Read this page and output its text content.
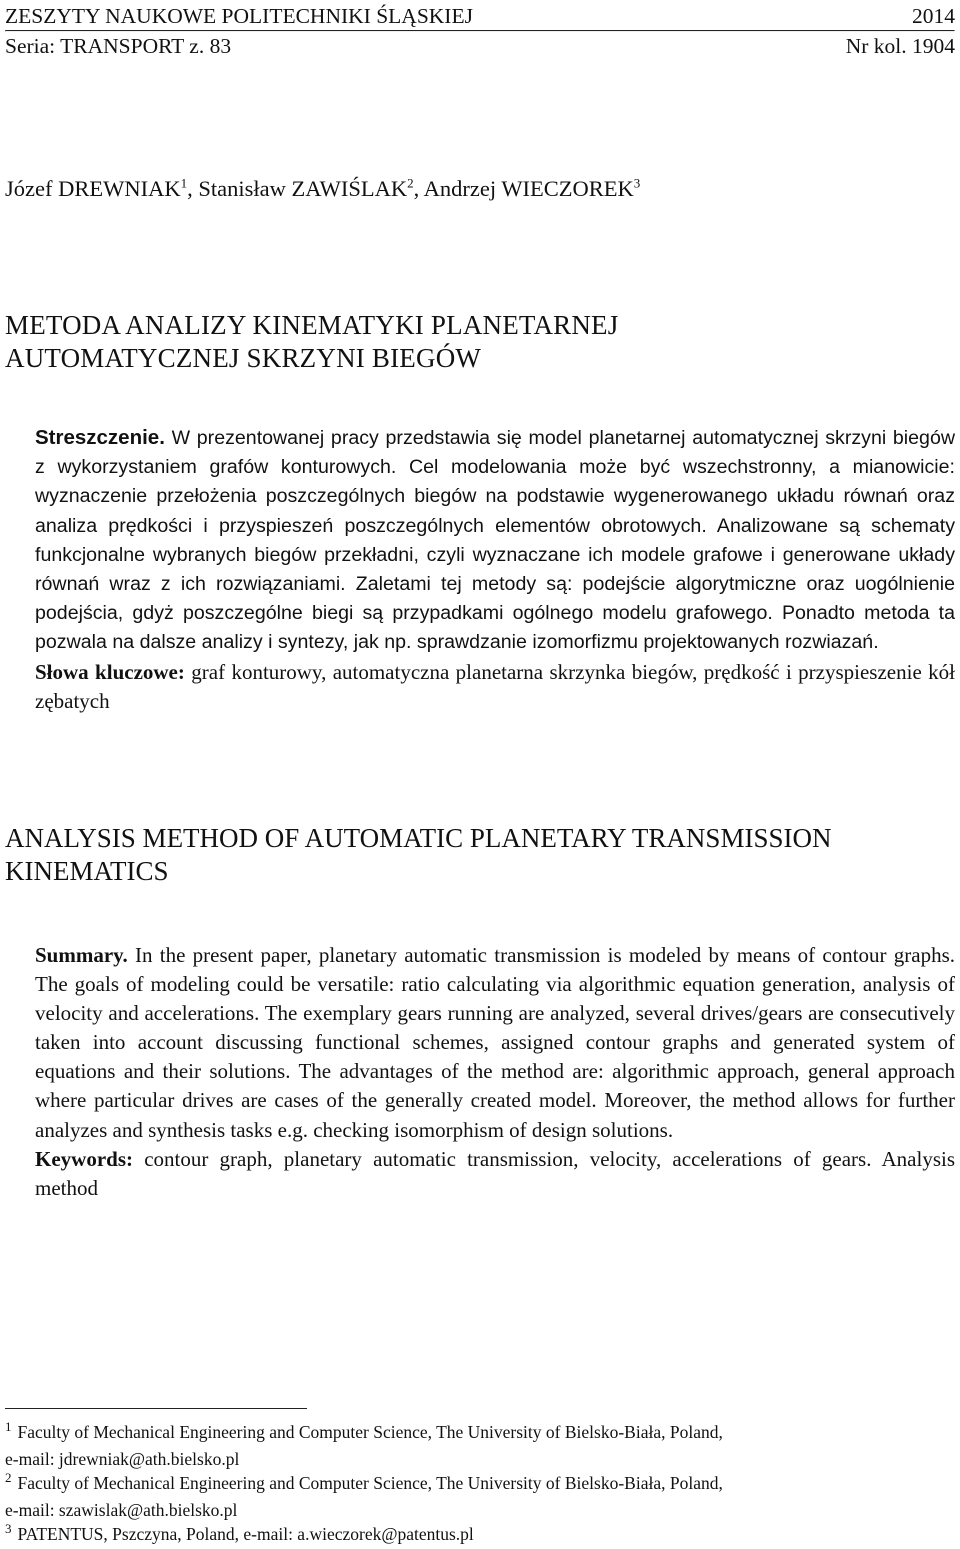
ZESZYTY NAUKOWE POLITECHNIKI ŚLĄSKIEJ	2014
Seria: TRANSPORT z. 83	Nr kol. 1904
Józef DREWNIAK$^1$, Stanisław ZAWIŚLAK$^2$, Andrzej WIECZOREK$^3$
METODA ANALIZY KINEMATYKI PLANETARNEJ
AUTOMATYCZNEJ SKRZYNI BIEGÓW
Streszczenie. W prezentowanej pracy przedstawia się model planetarnej automatycznej skrzyni biegów z wykorzystaniem grafów konturowych. Cel modelowania może być wszechstronny, a mianowicie: wyznaczenie przełożenia poszczególnych biegów na podstawie wygenerowanego układu równań oraz analiza prędkości i przyspieszeń poszczególnych elementów obrotowych. Analizowane są schematy funkcjonalne wybranych biegów przekładni, czyli wyznaczane ich modele grafowe i generowane układy równań wraz z ich rozwiązaniami. Zaletami tej metody są: podejście algorytmiczne oraz uogólnienie podejścia, gdyż poszczególne biegi są przypadkami ogólnego modelu grafowego. Ponadto metoda ta pozwala na dalsze analizy i syntezy, jak np. sprawdzanie izomorfizmu projektowanych rozwiazań.
Słowa kluczowe: graf konturowy, automatyczna planetarna skrzynka biegów, prędkość i przyspieszenie kół zębatych
ANALYSIS METHOD OF AUTOMATIC PLANETARY TRANSMISSION
KINEMATICS
Summary. In the present paper, planetary automatic transmission is modeled by means of contour graphs. The goals of modeling could be versatile: ratio calculating via algorithmic equation generation, analysis of velocity and accelerations. The exemplary gears running are analyzed, several drives/gears are consecutively taken into account discussing functional schemes, assigned contour graphs and generated system of equations and their solutions. The advantages of the method are: algorithmic approach, general approach where particular drives are cases of the generally created model. Moreover, the method allows for further analyzes and synthesis tasks e.g. checking isomorphism of design solutions.
Keywords: contour graph, planetary automatic transmission, velocity, accelerations of gears. Analysis method
$^1$ Faculty of Mechanical Engineering and Computer Science, The University of Bielsko-Biała, Poland,
e-mail: jdrewniak@ath.bielsko.pl
$^2$ Faculty of Mechanical Engineering and Computer Science, The University of Bielsko-Biała, Poland,
e-mail: szawislak@ath.bielsko.pl
$^3$ PATENTUS, Pszczyna, Poland, e-mail: a.wieczorek@patentus.pl
